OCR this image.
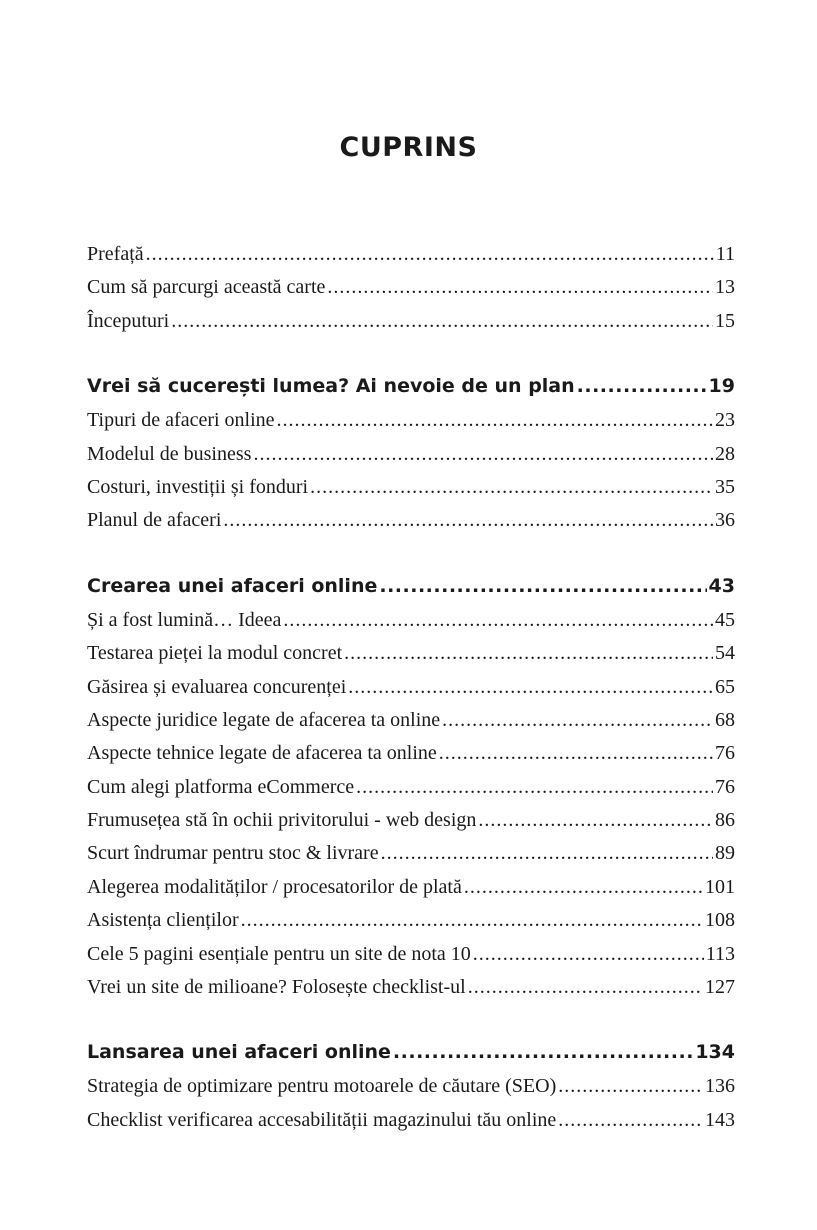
CUPRINS
Prefață .....	11
Cum să parcurgi această carte .....	13
Începuturi .....	15
Vrei să cucerești lumea? Ai nevoie de un plan .....	19
Tipuri de afaceri online .....	23
Modelul de business .....	28
Costuri, investiții și fonduri .....	35
Planul de afaceri .....	36
Crearea unei afaceri online .....	43
Și a fost lumină… Ideea .....	45
Testarea pieței la modul concret .....	54
Găsirea și evaluarea concurenței .....	65
Aspecte juridice legate de afacerea ta online .....	68
Aspecte tehnice legate de afacerea ta online .....	76
Cum alegi platforma eCommerce .....	76
Frumusețea stă în ochii privitorului - web design .....	86
Scurt îndrumar pentru stoc & livrare .....	89
Alegerea modalităților / procesatorilor de plată .....	101
Asistența clienților .....	108
Cele 5 pagini esențiale pentru un site de nota 10 .....	113
Vrei un site de milioane? Folosește checklist-ul .....	127
Lansarea unei afaceri online .....	134
Strategia de optimizare pentru motoarele de căutare (SEO) .....	136
Checklist verificarea accesabilității magazinului tău online .....	143
